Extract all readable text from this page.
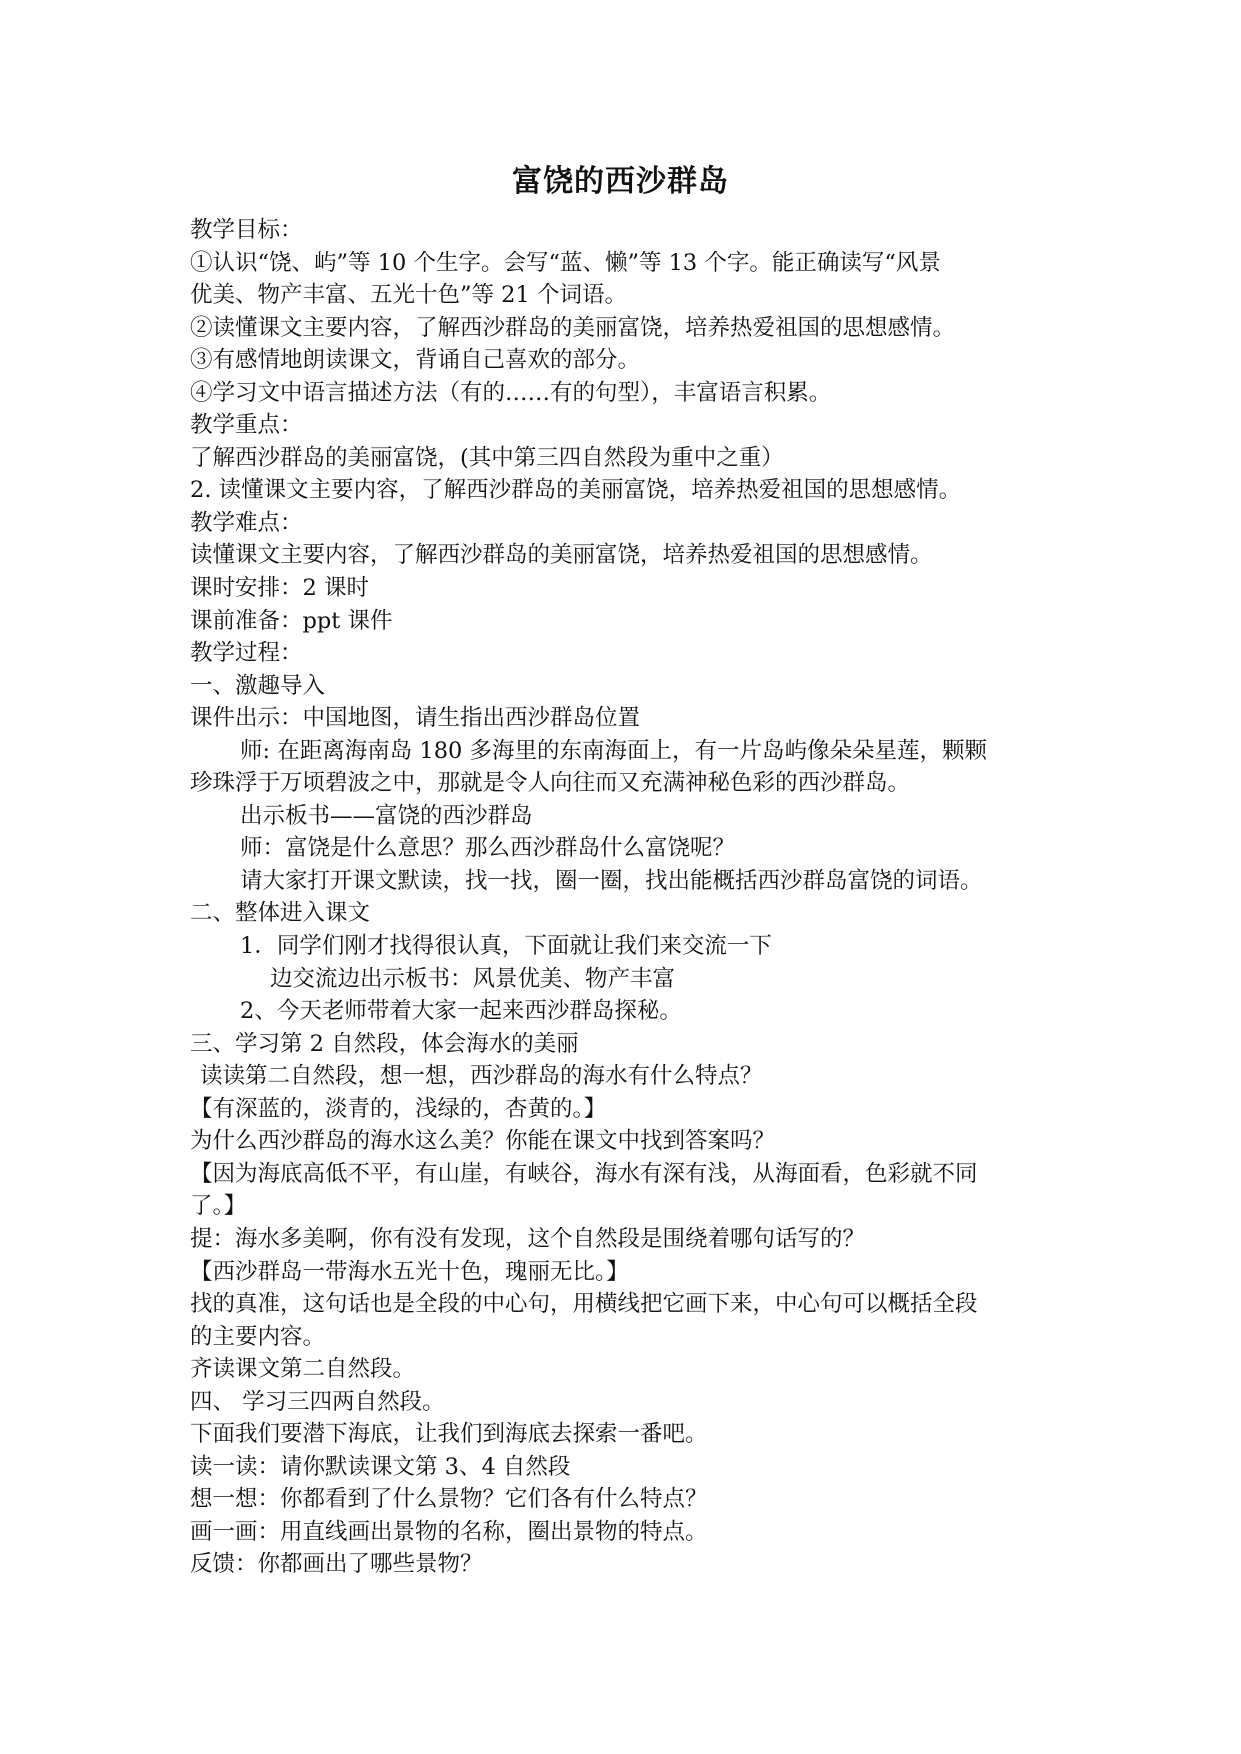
富饶的西沙群岛
教学目标：
①认识“饶、屿”等 10 个生字。会写“蓝、懒”等 13 个字。能正确读写“风景
优美、物产丰富、五光十色”等 21 个词语。
②读懂课文主要内容，了解西沙群岛的美丽富饶，培养热爱祖国的思想感情。
③有感情地朗读课文，背诵自己喜欢的部分。
④学习文中语言描述方法（有的……有的句型），丰富语言积累。
教学重点：
了解西沙群岛的美丽富饶，(其中第三四自然段为重中之重）
2. 读懂课文主要内容，了解西沙群岛的美丽富饶，培养热爱祖国的思想感情。
教学难点：
读懂课文主要内容，了解西沙群岛的美丽富饶，培养热爱祖国的思想感情。
课时安排：2 课时
课前准备：ppt 课件
教学过程：
一、激趣导入
课件出示：中国地图，请生指出西沙群岛位置
师: 在距离海南岛 180 多海里的东南海面上，有一片岛屿像朵朵星莲，颗颗
珍珠浮于万顷碧波之中，那就是令人向往而又充满神秘色彩的西沙群岛。
出示板书——富饶的西沙群岛
师：富饶是什么意思？那么西沙群岛什么富饶呢？
请大家打开课文默读，找一找，圈一圈，找出能概括西沙群岛富饶的词语。
二、整体进入课文
1．同学们刚才找得很认真，下面就让我们来交流一下
边交流边出示板书：风景优美、物产丰富
2、今天老师带着大家一起来西沙群岛探秘。
三、学习第 2 自然段，体会海水的美丽
读读第二自然段，想一想，西沙群岛的海水有什么特点？
【有深蓝的，淡青的，浅绿的，杏黄的。】
为什么西沙群岛的海水这么美？你能在课文中找到答案吗？
【因为海底高低不平，有山崖，有峡谷，海水有深有浅，从海面看，色彩就不同
了。】
提：海水多美啊，你有没有发现，这个自然段是围绕着哪句话写的？
【西沙群岛一带海水五光十色，瑰丽无比。】
找的真准，这句话也是全段的中心句，用横线把它画下来，中心句可以概括全段
的主要内容。
齐读课文第二自然段。
四、 学习三四两自然段。
下面我们要潜下海底，让我们到海底去探索一番吧。
读一读：请你默读课文第 3、4 自然段
想一想：你都看到了什么景物？它们各有什么特点？
画一画：用直线画出景物的名称，圈出景物的特点。
反馈：你都画出了哪些景物？
